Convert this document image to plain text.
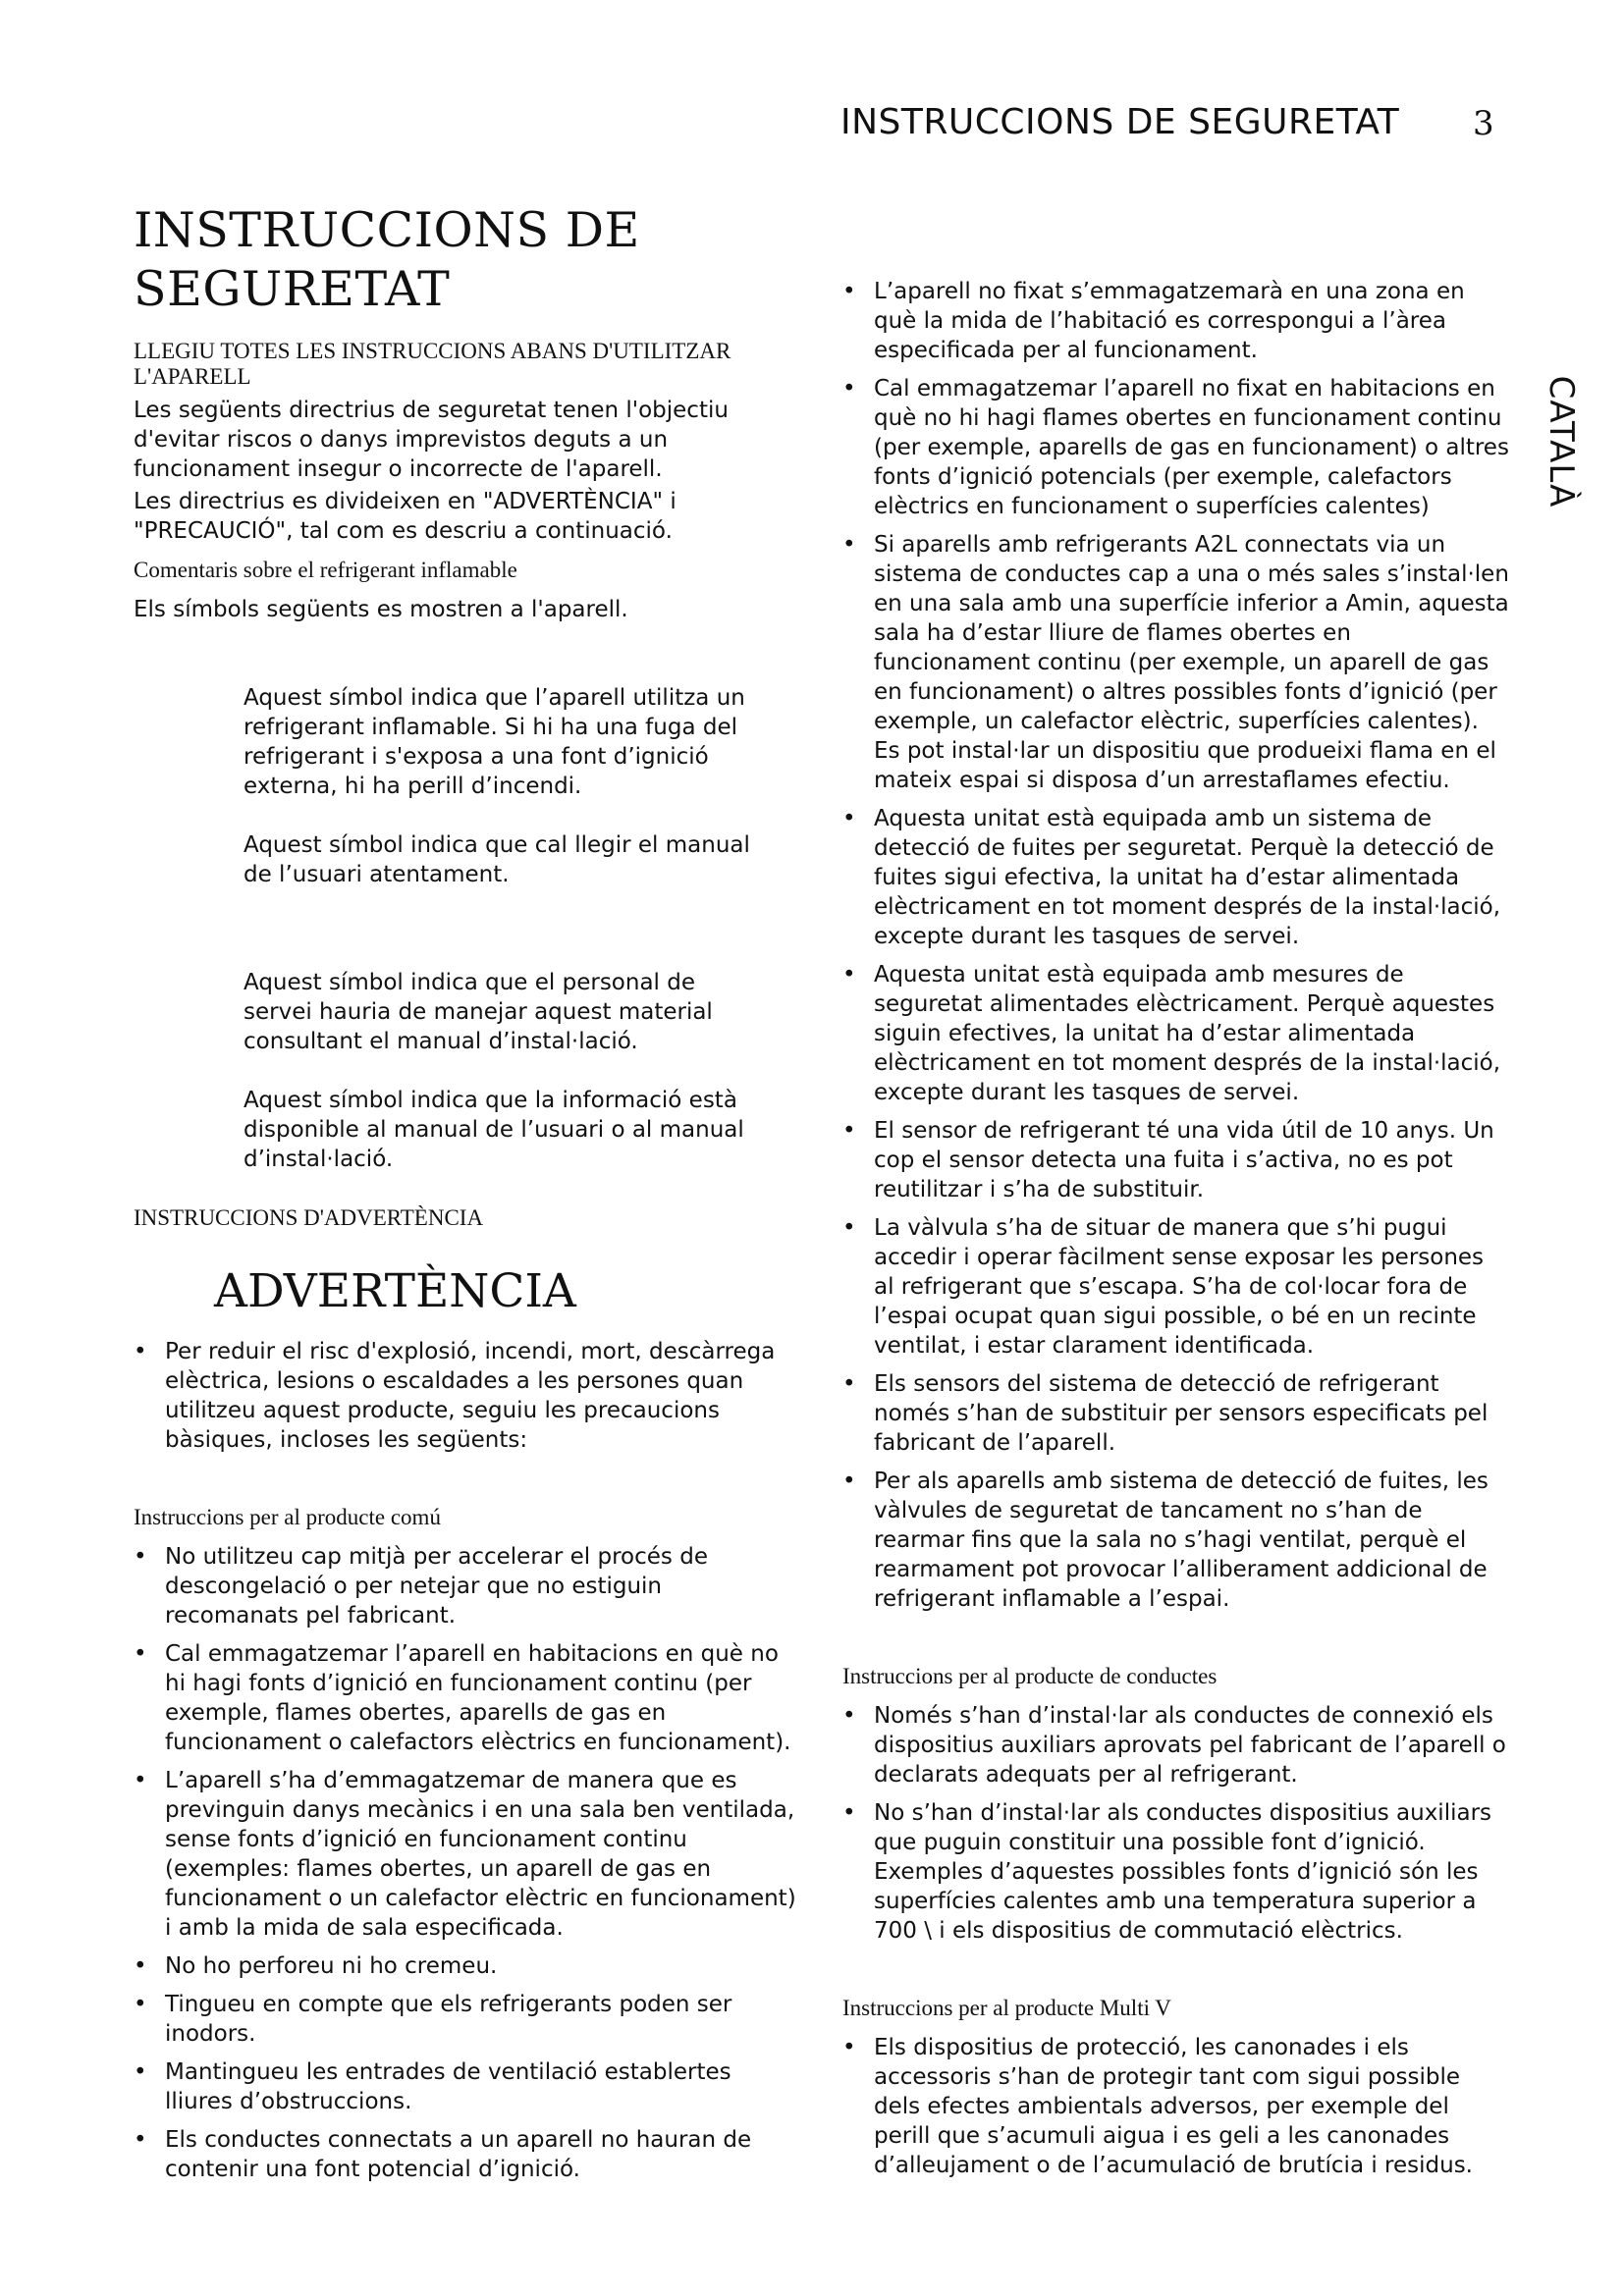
INSTRUCCIONS DE SEGURETAT 3
CATALÀ
INSTRUCCIONS DE SEGURETAT
LLEGIU TOTES LES INSTRUCCIONS ABANS D'UTILITZAR L'APARELL

Les següents directrius de seguretat tenen l'objectiu d'evitar riscos o danys imprevistos deguts a un funcionament insegur o incorrecte de l'aparell.

Les directrius es divideixen en "ADVERTÈNCIA" i "PRECAUCIÓ", tal com es descriu a continuació.

Comentaris sobre el refrigerant inflamable

Els símbols següents es mostren a l'aparell.

Aquest símbol indica que l’aparell utilitza un refrigerant inflamable. Si hi ha una fuga del refrigerant i s'exposa a una font d’ignició externa, hi ha perill d’incendi.
Aquest símbol indica que cal llegir el manual de l’usuari atentament.
Aquest símbol indica que el personal de servei hauria de manejar aquest material consultant el manual d’instal·lació.
Aquest símbol indica que la informació està disponible al manual de l’usuari o al manual d’instal·lació.
INSTRUCCIONS D'ADVERTÈNCIA
ADVERTÈNCIA
• Per reduir el risc d'explosió, incendi, mort, descàrrega elèctrica, lesions o escaldades a les persones quan utilitzeu aquest producte, seguiu les precaucions bàsiques, incloses les següents:
Instruccions per al producte comú
• No utilitzeu cap mitjà per accelerar el procés de descongelació o per netejar que no estiguin recomanats pel fabricant.
• Cal emmagatzemar l’aparell en habitacions en què no hi hagi fonts d’ignició en funcionament continu (per exemple, flames obertes, aparells de gas en funcionament o calefactors elèctrics en funcionament).
• L’aparell s’ha d’emmagatzemar de manera que es previnguin danys mecànics i en una sala ben ventilada, sense fonts d’ignició en funcionament continu (exemples: flames obertes, un aparell de gas en funcionament o un calefactor elèctric en funcionament) i amb la mida de sala especificada.
• No ho perforeu ni ho cremeu.
• Tingueu en compte que els refrigerants poden ser inodors.
• Mantingueu les entrades de ventilació establertes lliures d’obstruccions.
• Els conductes connectats a un aparell no hauran de contenir una font potencial d’ignició.
• L’aparell no fixat s’emmagatzemarà en una zona en què la mida de l’habitació es correspongui a l’àrea especificada per al funcionament.
• Cal emmagatzemar l’aparell no fixat en habitacions en què no hi hagi flames obertes en funcionament continu (per exemple, aparells de gas en funcionament) o altres fonts d’ignició potencials (per exemple, calefactors elèctrics en funcionament o superfícies calentes)
• Si aparells amb refrigerants A2L connectats via un sistema de conductes cap a una o més sales s’instal·len en una sala amb una superfície inferior a Amin, aquesta sala ha d’estar lliure de flames obertes en funcionament continu (per exemple, un aparell de gas en funcionament) o altres possibles fonts d’ignició (per exemple, un calefactor elèctric, superfícies calentes). Es pot instal·lar un dispositiu que produeixi flama en el mateix espai si disposa d’un arrestaflames efectiu.
• Aquesta unitat està equipada amb un sistema de detecció de fuites per seguretat. Perquè la detecció de fuites sigui efectiva, la unitat ha d’estar alimentada elèctricament en tot moment després de la instal·lació, excepte durant les tasques de servei.
• Aquesta unitat està equipada amb mesures de seguretat alimentades elèctricament. Perquè aquestes siguin efectives, la unitat ha d’estar alimentada elèctricament en tot moment després de la instal·lació, excepte durant les tasques de servei.
• El sensor de refrigerant té una vida útil de 10 anys. Un cop el sensor detecta una fuita i s’activa, no es pot reutilitzar i s’ha de substituir.
• La vàlvula s’ha de situar de manera que s’hi pugui accedir i operar fàcilment sense exposar les persones al refrigerant que s’escapa. S’ha de col·locar fora de l’espai ocupat quan sigui possible, o bé en un recinte ventilat, i estar clarament identificada.
• Els sensors del sistema de detecció de refrigerant només s’han de substituir per sensors especificats pel fabricant de l’aparell.
• Per als aparells amb sistema de detecció de fuites, les vàlvules de seguretat de tancament no s’han de rearmar fins que la sala no s’hagi ventilat, perquè el rearmament pot provocar l’alliberament addicional de refrigerant inflamable a l’espai.
Instruccions per al producte de conductes
• Només s’han d’instal·lar als conductes de connexió els dispositius auxiliars aprovats pel fabricant de l’aparell o declarats adequats per al refrigerant.
• No s’han d’instal·lar als conductes dispositius auxiliars que puguin constituir una possible font d’ignició. Exemples d’aquestes possibles fonts d’ignició són les superfícies calentes amb una temperatura superior a 700 \ i els dispositius de commutació elèctrics.
Instruccions per al producte Multi V
• Els dispositius de protecció, les canonades i els accessoris s’han de protegir tant com sigui possible dels efectes ambientals adversos, per exemple del perill que s’acumuli aigua i es geli a les canonades d’alleujament o de l’acumulació de brutícia i residus.
